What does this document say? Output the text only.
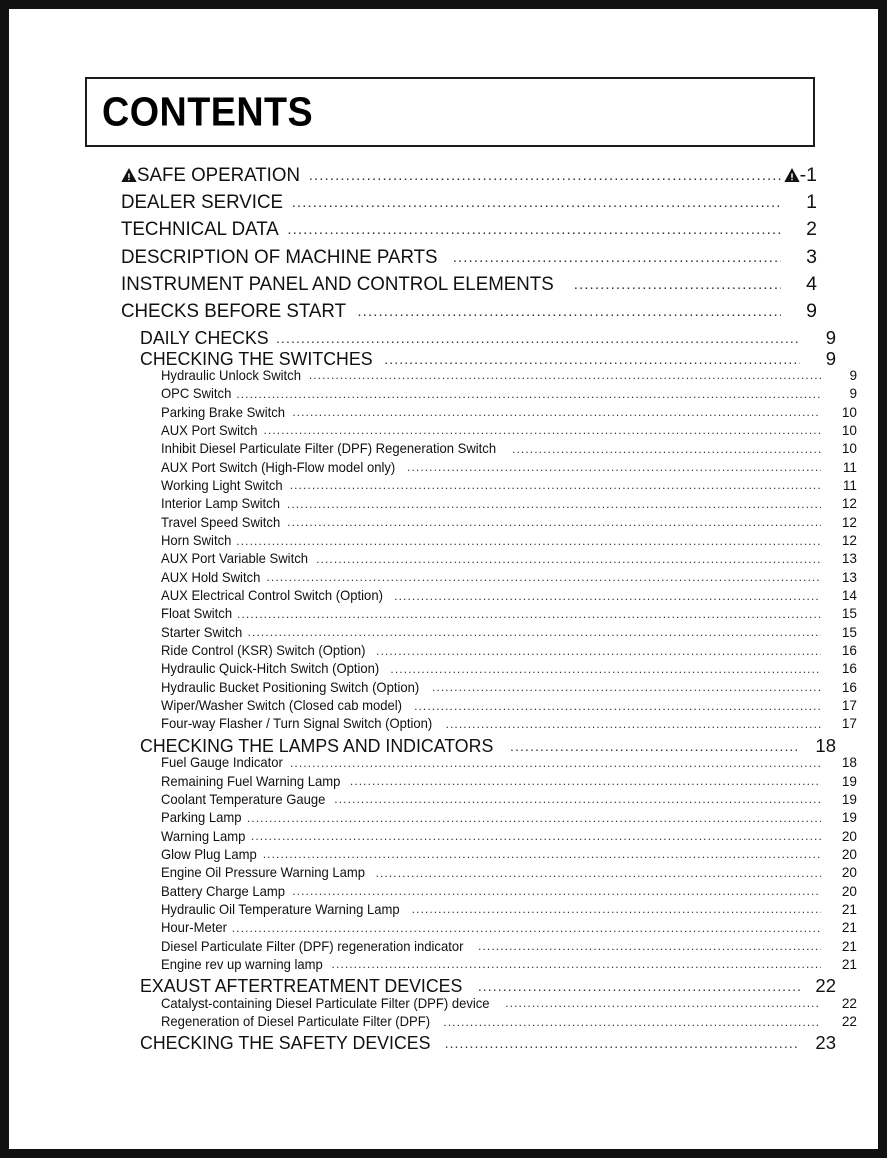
CONTENTS
SAFE OPERATION .....	-1
DEALER SERVICE .....	1
TECHNICAL DATA .....	2
DESCRIPTION OF MACHINE PARTS .....	3
INSTRUMENT PANEL AND CONTROL ELEMENTS .....	4
CHECKS BEFORE START .....	9
DAILY CHECKS .....	9
CHECKING THE SWITCHES .....	9
Hydraulic Unlock Switch .....	9
OPC Switch .....	9
Parking Brake Switch .....	10
AUX Port Switch .....	10
Inhibit Diesel Particulate Filter (DPF) Regeneration Switch .....	10
AUX Port Switch (High-Flow model only) .....	11
Working Light Switch .....	11
Interior Lamp Switch .....	12
Travel Speed Switch .....	12
Horn Switch .....	12
AUX Port Variable Switch .....	13
AUX Hold Switch .....	13
AUX Electrical Control Switch (Option) .....	14
Float Switch .....	15
Starter Switch .....	15
Ride Control (KSR) Switch (Option) .....	16
Hydraulic Quick-Hitch Switch (Option) .....	16
Hydraulic Bucket Positioning Switch (Option) .....	16
Wiper/Washer Switch (Closed cab model) .....	17
Four-way Flasher / Turn Signal Switch (Option) .....	17
CHECKING THE LAMPS AND INDICATORS .....	18
Fuel Gauge Indicator .....	18
Remaining Fuel Warning Lamp .....	19
Coolant Temperature Gauge .....	19
Parking Lamp .....	19
Warning Lamp .....	20
Glow Plug Lamp .....	20
Engine Oil Pressure Warning Lamp .....	20
Battery Charge Lamp .....	20
Hydraulic Oil Temperature Warning Lamp .....	21
Hour-Meter .....	21
Diesel Particulate Filter (DPF) regeneration indicator .....	21
Engine rev up warning lamp .....	21
EXAUST AFTERTREATMENT DEVICES .....	22
Catalyst-containing Diesel Particulate Filter (DPF) device .....	22
Regeneration of Diesel Particulate Filter (DPF) .....	22
CHECKING THE SAFETY DEVICES .....	23
